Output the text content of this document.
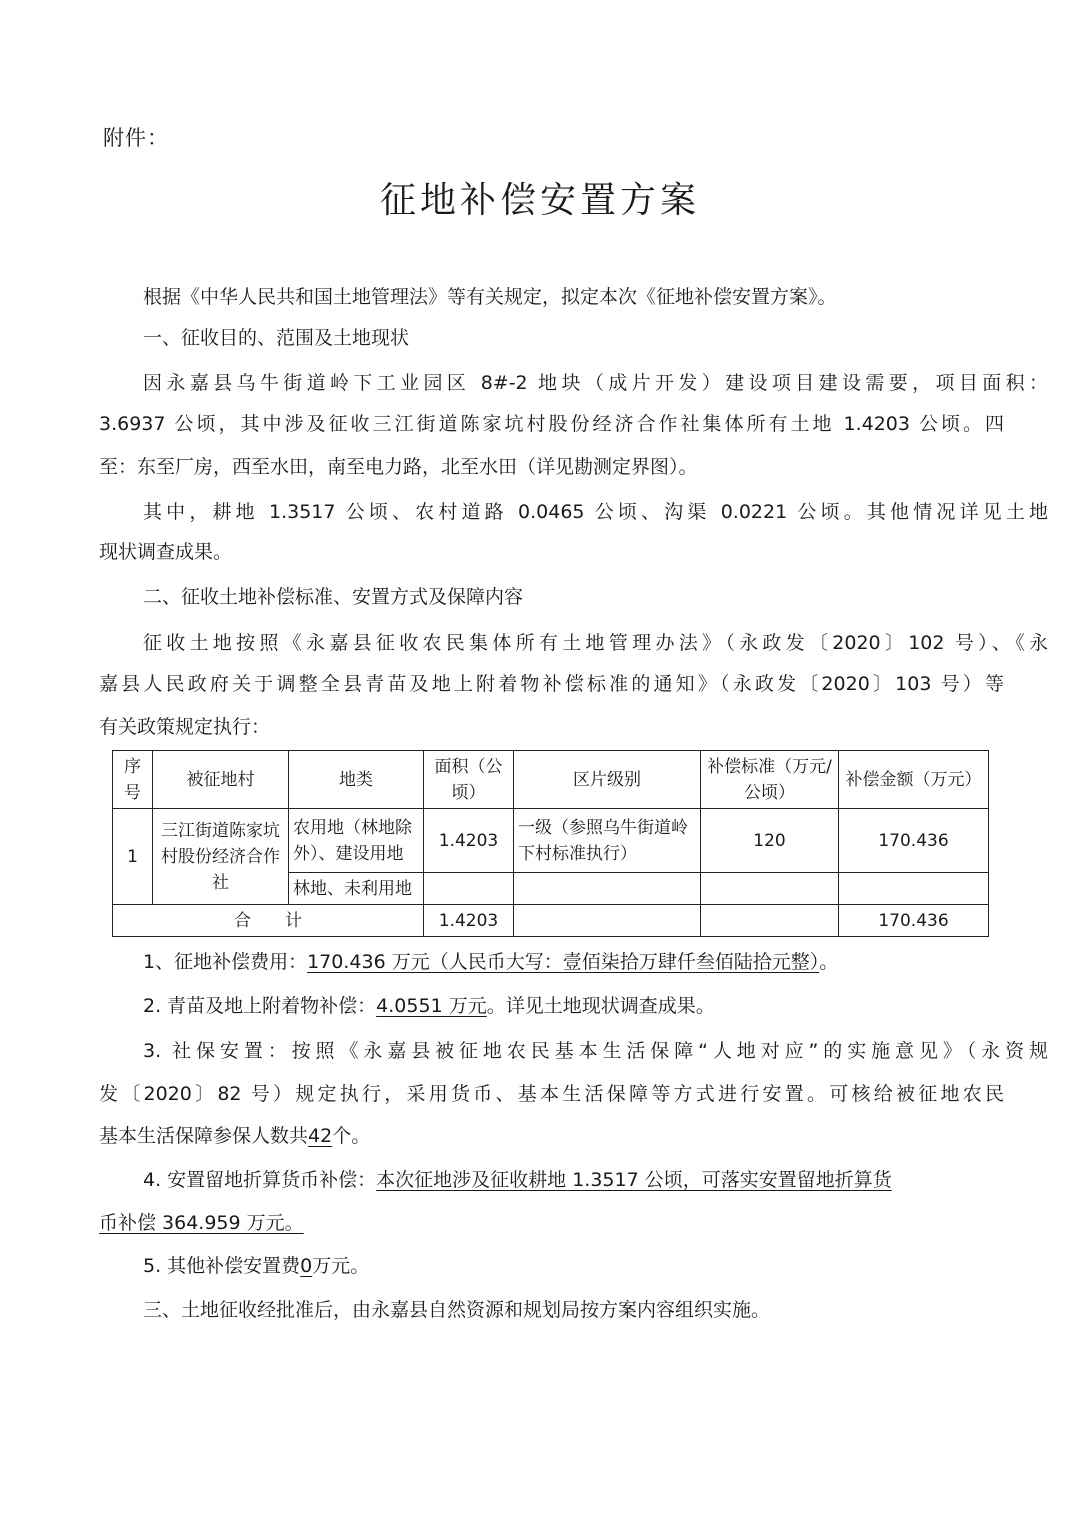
附件：
征地补偿安置方案
根据《中华人民共和国土地管理法》等有关规定，拟定本次《征地补偿安置方案》。
一、征收目的、范围及土地现状
因永嘉县乌牛街道岭下工业园区 8#-2 地块（成片开发）建设项目建设需要，项目面积：
3.6937 公顷，其中涉及征收三江街道陈家坑村股份经济合作社集体所有土地 1.4203 公顷。四
至：东至厂房，西至水田，南至电力路，北至水田（详见勘测定界图）。
其中，耕地 1.3517 公顷、农村道路 0.0465 公顷、沟渠 0.0221 公顷。其他情况详见土地
现状调查成果。
二、征收土地补偿标准、安置方式及保障内容
征收土地按照《永嘉县征收农民集体所有土地管理办法》（永政发〔2020〕102 号）、《永
嘉县人民政府关于调整全县青苗及地上附着物补偿标准的通知》（永政发〔2020〕103 号）等
有关政策规定执行：
序号	被征地村	地类	面积（公顷）	区片级别	补偿标准（万元/公顷）	补偿金额（万元）
1	三江街道陈家坑村股份经济合作社	农用地（林地除外）、建设用地	1.4203	一级（参照乌牛街道岭下村标准执行）	120	170.436
		林地、未利用地				
合　　计			1.4203			170.436
1、征地补偿费用：170.436 万元（人民币大写：壹佰柒拾万肆仟叁佰陆拾元整）。
2. 青苗及地上附着物补偿：4.0551 万元。详见土地现状调查成果。
3. 社保安置：按照《永嘉县被征地农民基本生活保障“人地对应”的实施意见》（永资规
发〔2020〕82 号）规定执行，采用货币、基本生活保障等方式进行安置。可核给被征地农民
基本生活保障参保人数共42个。
4. 安置留地折算货币补偿：本次征地涉及征收耕地 1.3517 公顷，可落实安置留地折算货
币补偿 364.959 万元。
5. 其他补偿安置费0万元。
三、土地征收经批准后，由永嘉县自然资源和规划局按方案内容组织实施。
